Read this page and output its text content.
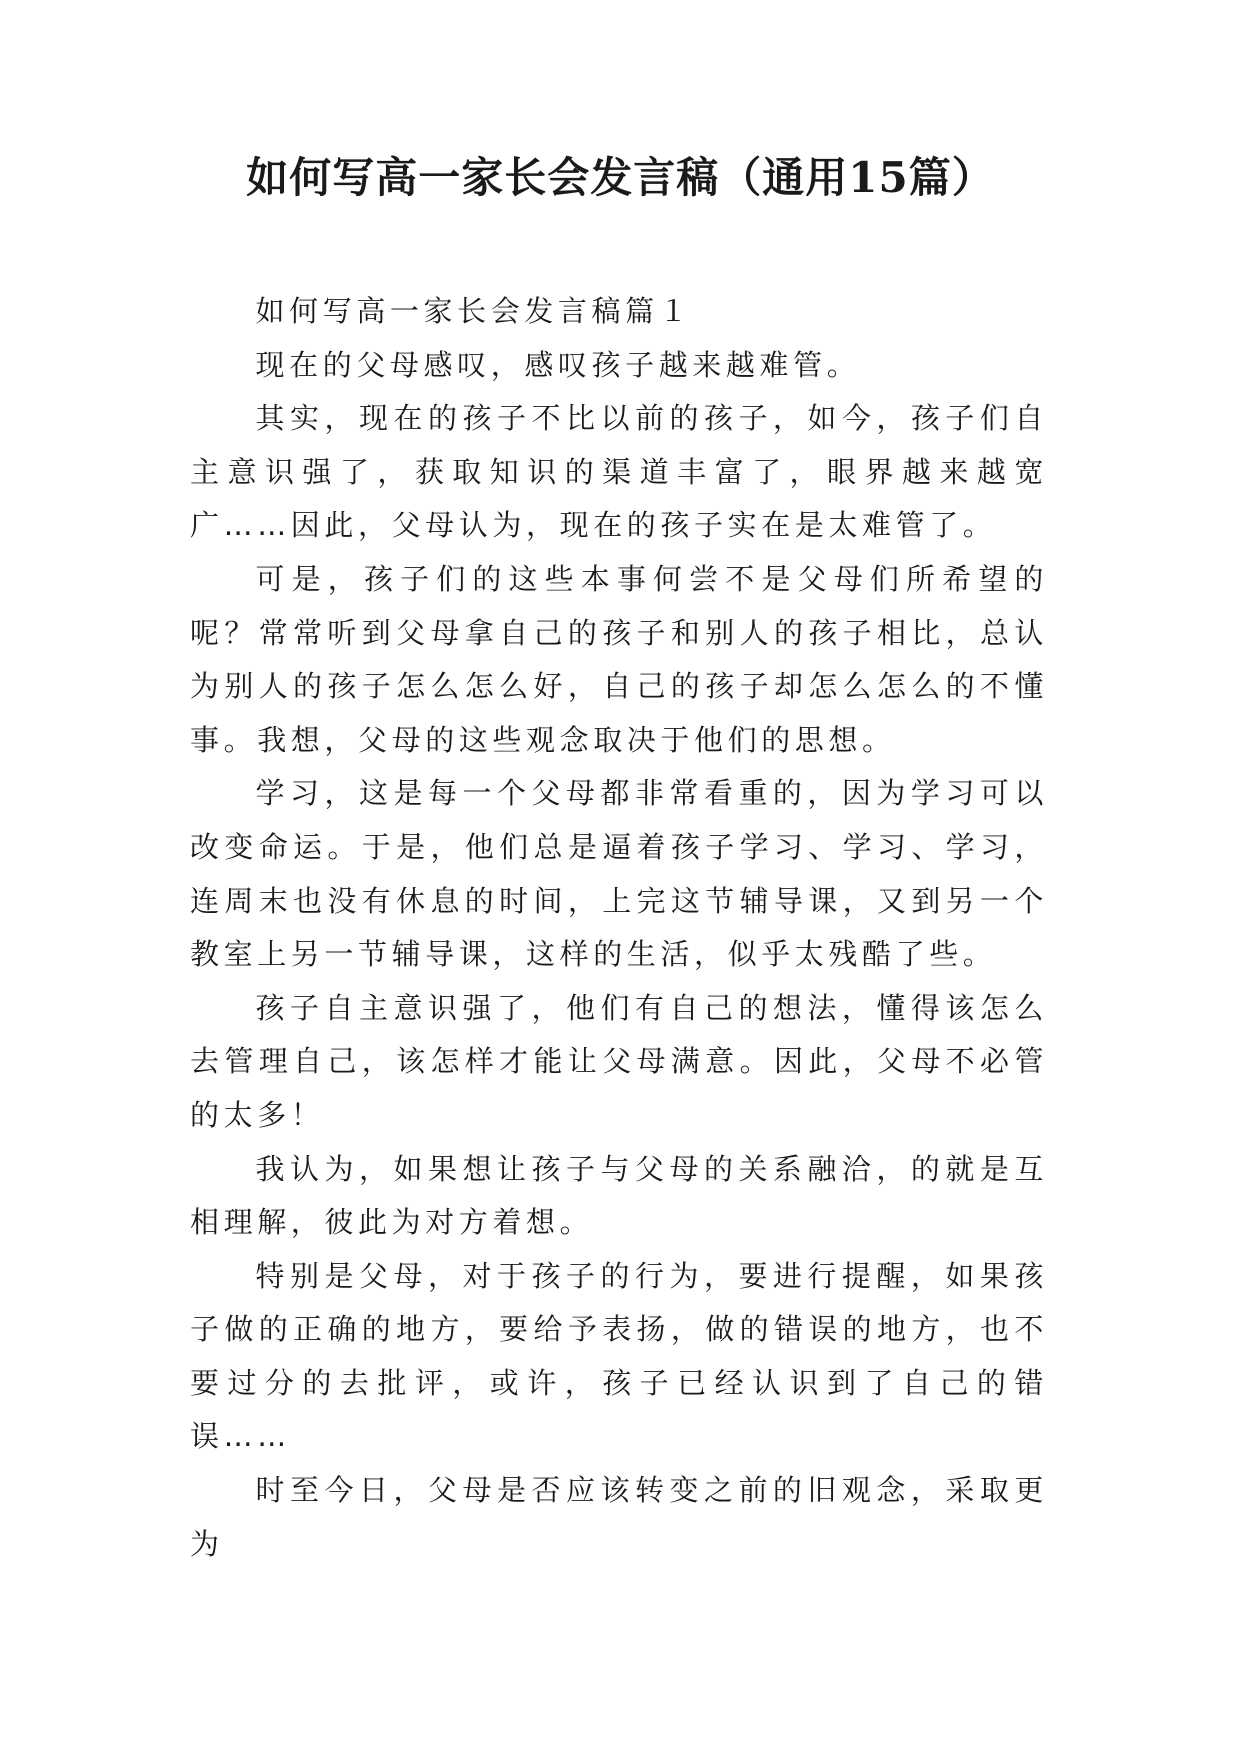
如何写高一家长会发言稿（通用15篇）

如何写高一家长会发言稿篇１

现在的父母感叹，感叹孩子越来越难管。

其实，现在的孩子不比以前的孩子，如今，孩子们自主意识强了，获取知识的渠道丰富了，眼界越来越宽广……因此，父母认为，现在的孩子实在是太难管了。

可是，孩子们的这些本事何尝不是父母们所希望的呢？常常听到父母拿自己的孩子和别人的孩子相比，总认为别人的孩子怎么怎么好，自己的孩子却怎么怎么的不懂事。我想，父母的这些观念取决于他们的思想。

学习，这是每一个父母都非常看重的，因为学习可以改变命运。于是，他们总是逼着孩子学习、学习、学习，连周末也没有休息的时间，上完这节辅导课，又到另一个教室上另一节辅导课，这样的生活，似乎太残酷了些。

孩子自主意识强了，他们有自己的想法，懂得该怎么去管理自己，该怎样才能让父母满意。因此，父母不必管的太多！

我认为，如果想让孩子与父母的关系融洽，的就是互相理解，彼此为对方着想。

特别是父母，对于孩子的行为，要进行提醒，如果孩子做的正确的地方，要给予表扬，做的错误的地方，也不要过分的去批评，或许，孩子已经认识到了自己的错误……

时至今日，父母是否应该转变之前的旧观念，采取更为
